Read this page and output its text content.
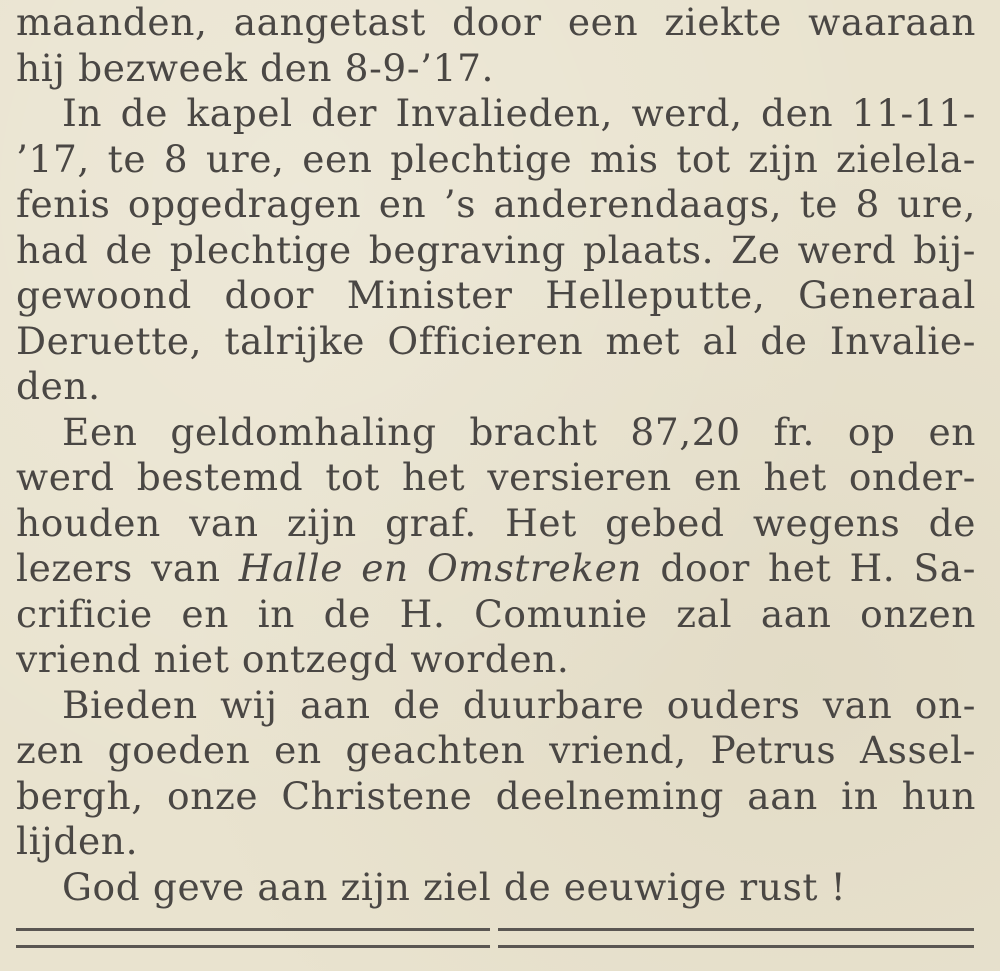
maanden, aangetast door een ziekte waaraan
hij bezweek den 8-9-’17.
In de kapel der Invalieden, werd, den 11-11-
’17, te 8 ure, een plechtige mis tot zijn zielela-
fenis opgedragen en ’s anderendaags, te 8 ure,
had de plechtige begraving plaats. Ze werd bij-
gewoond door Minister Helleputte, Generaal
Deruette, talrijke Officieren met al de Invalie-
den.
Een geldomhaling bracht 87,20 fr. op en
werd bestemd tot het versieren en het onder-
houden van zijn graf. Het gebed wegens de
lezers van Halle en Omstreken door het H. Sa-
crificie en in de H. Comunie zal aan onzen
vriend niet ontzegd worden.
Bieden wij aan de duurbare ouders van on-
zen goeden en geachten vriend, Petrus Assel-
bergh, onze Christene deelneming aan in hun
lijden.
God geve aan zijn ziel de eeuwige rust !
